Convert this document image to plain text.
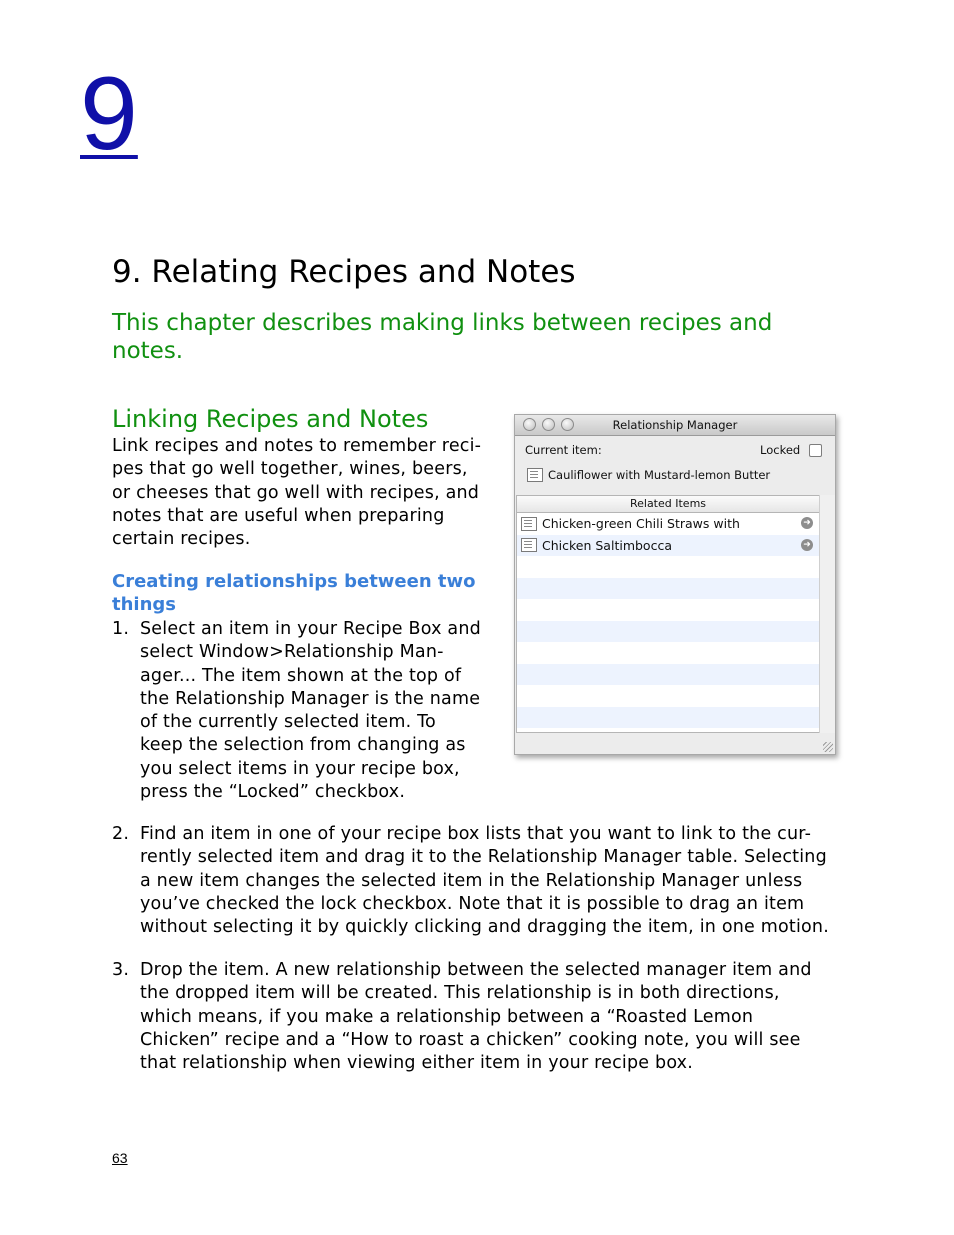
9
9. Relating Recipes and Notes
This chapter describes making links between recipes and notes.
Linking Recipes and Notes

Link recipes and notes to remember reci-
pes that go well together, wines, beers,
or cheeses that go well with recipes, and
notes that are useful when preparing
certain recipes.

Creating relationships between two things
1. Select an item in your Recipe Box and
select Window>Relationship Man-
ager... The item shown at the top of
the Relationship Manager is the name
of the currently selected item. To
keep the selection from changing as
you select items in your recipe box,
press the “Locked” checkbox.
2. Find an item in one of your recipe box lists that you want to link to the cur-
rently selected item and drag it to the Relationship Manager table. Selecting
a new item changes the selected item in the Relationship Manager unless
you’ve checked the lock checkbox. Note that it is possible to drag an item
without selecting it by quickly clicking and dragging the item, in one motion.
3. Drop the item. A new relationship between the selected manager item and
the dropped item will be created. This relationship is in both directions,
which means, if you make a relationship between a “Roasted Lemon
Chicken” recipe and a “How to roast a chicken” cooking note, you will see
that relationship when viewing either item in your recipe box.
Relationship Manager
Current item:	Locked
Cauliflower with Mustard-lemon Butter
Related Items
Chicken-green Chili Straws with	➜
Chicken Saltimbocca	➜
63
